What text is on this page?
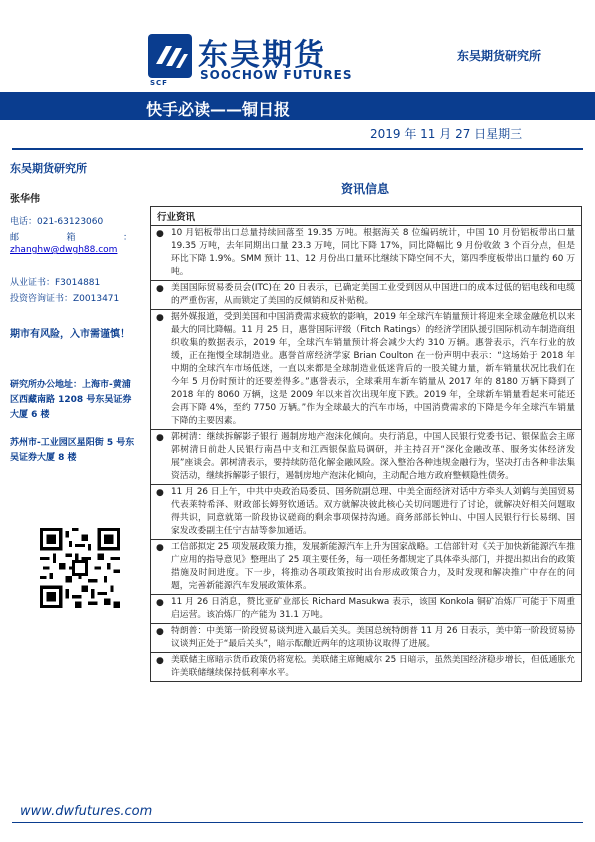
东吴期货
SOOCHOW FUTURES
SCF
东吴期货研究所
快手必读——铜日报
2019 年 11 月 27 日星期三
东吴期货研究所
张华伟
电话：021-63123060
邮	箱	：
zhanghw@dwgh88.com
从业证书：F3014881
投资咨询证书：Z0013471
期市有风险，入市需谨慎！
研究所办公地址：上海市-黄浦区西藏南路 1208 号东吴证券大厦 6 楼
苏州市-工业园区星阳街 5 号东吴证券大厦 8 楼
资讯信息
行业资讯
● 10 月铝板带出口总量持续回落至 19.35 万吨。根据海关 8 位编码统计，中国 10 月份铝板带出口量 19.35 万吨，去年同期出口量 23.3 万吨，同比下降 17%，同比降幅比 9 月份收敛 3 个百分点，但是环比下降 1.9%。SMM 预计 11、12 月份出口量环比继续下降空间不大，第四季度板带出口量约 60 万吨。
● 美国国际贸易委员会(ITC)在 20 日表示，已确定美国工业受到因从中国进口的成本过低的铝电线和电缆的严重伤害，从而锁定了美国的反倾销和反补贴税。
● 据外媒报道，受到美国和中国消费需求疲软的影响，2019 年全球汽车销量预计将迎来全球金融危机以来最大的同比降幅。11 月 25 日，惠誉国际评级（Fitch Ratings）的经济学团队援引国际机动车制造商组织收集的数据表示，2019 年，全球汽车销量预计将会减少大约 310 万辆。惠誉表示，汽车行业的放缓，正在拖慢全球制造业。惠誉首席经济学家 Brian Coulton 在一份声明中表示：“这场始于 2018 年中期的全球汽车市场低迷，一直以来都是全球制造业低迷背后的一股关键力量，新车销量状况比我们在今年 5 月份时预计的还要差得多。”惠誉表示，全球乘用车新车销量从 2017 年的 8180 万辆下降到了 2018 年的 8060 万辆，这是 2009 年以来首次出现年度下跌。2019 年，全球新车销量看起来可能还会再下降 4%，至约 7750 万辆。”作为全球最大的汽车市场，中国消费需求的下降是今年全球汽车销量下降的主要因素。
● 郭树清：继续拆解影子银行 遏制房地产泡沫化倾向。央行消息，中国人民银行党委书记、银保监会主席郭树清日前赴人民银行南昌中支和江西银保监局调研，并主持召开“深化金融改革、服务实体经济发展”座谈会。郭树清表示，要持续防范化解金融风险。深入整治各种违规金融行为，坚决打击各种非法集资活动，继续拆解影子银行，遏制房地产泡沫化倾向，主动配合地方政府整顿隐性债务。
● 11 月 26 日上午，中共中央政治局委员、国务院副总理、中美全面经济对话中方牵头人刘鹤与美国贸易代表莱特希泽、财政部长姆努钦通话。双方就解决彼此核心关切问题进行了讨论，就解决好相关问题取得共识，同意就第一阶段协议磋商的剩余事项保持沟通。商务部部长钟山、中国人民银行行长易纲、国家发改委副主任宁吉喆等参加通话。
● 工信部拟定 25 项发展政策力推，发展新能源汽车上升为国家战略。工信部针对《关于加快新能源汽车推广应用的指导意见》整理出了 25 项主要任务，每一项任务都规定了具体牵头部门，并提出拟出台的政策措施及时间进度。下一步，将推动各项政策按时出台形成政策合力，及时发现和解决推广中存在的问题，完善新能源汽车发展政策体系。
● 11 月 26 日消息，赞比亚矿业部长 Richard Masukwa 表示，该国 Konkola 铜矿冶炼厂可能于下周重启运营。该冶炼厂的产能为 31.1 万吨。
● 特朗普：中美第一阶段贸易谈判进入最后关头。美国总统特朗普 11 月 26 日表示，美中第一阶段贸易协议谈判正处于“最后关头”，暗示酝酿近两年的这项协议取得了进展。
● 美联储主席暗示货币政策仍将宽松。美联储主席鲍威尔 25 日暗示，虽然美国经济稳步增长，但低通胀允许美联储继续保持低利率水平。
www.dwfutures.com
